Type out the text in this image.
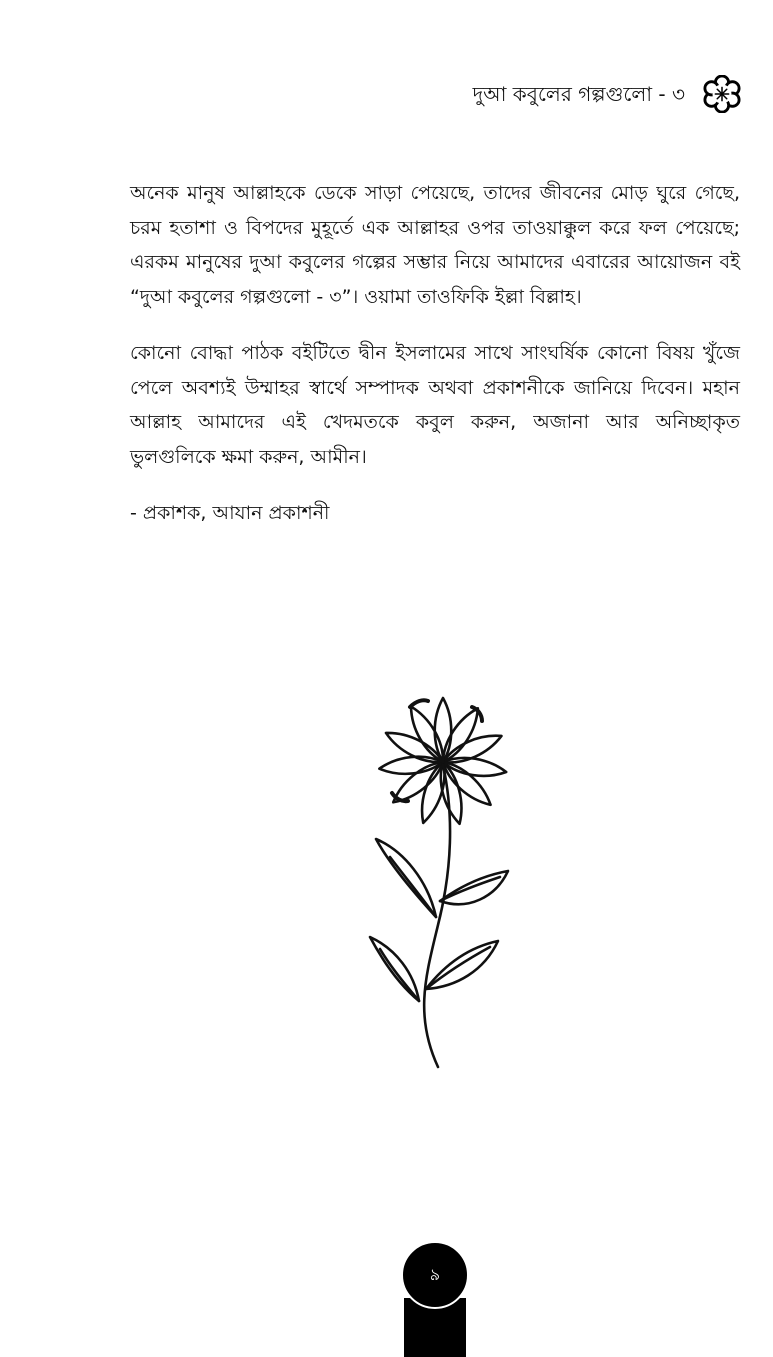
দুআ কবুলের গল্পগুলো - ৩

অনেক মানুষ আল্লাহকে ডেকে সাড়া পেয়েছে, তাদের জীবনের মোড় ঘুরে গেছে, চরম হতাশা ও বিপদের মুহূর্তে এক আল্লাহর ওপর তাওয়াক্কুল করে ফল পেয়েছে; এরকম মানুষের দুআ কবুলের গল্পের সম্ভার নিয়ে আমাদের এবারের আয়োজন বই “দুআ কবুলের গল্পগুলো - ৩”। ওয়ামা তাওফিকি ইল্লা বিল্লাহ।

কোনো বোদ্ধা পাঠক বইটিতে দ্বীন ইসলামের সাথে সাংঘর্ষিক কোনো বিষয় খুঁজে পেলে অবশ্যই উম্মাহর স্বার্থে সম্পাদক অথবা প্রকাশনীকে জানিয়ে দিবেন। মহান আল্লাহ আমাদের এই খেদমতকে কবুল করুন, অজানা আর অনিচ্ছাকৃত ভুলগুলিকে ক্ষমা করুন, আমীন।

- প্রকাশক, আযান প্রকাশনী

৯
